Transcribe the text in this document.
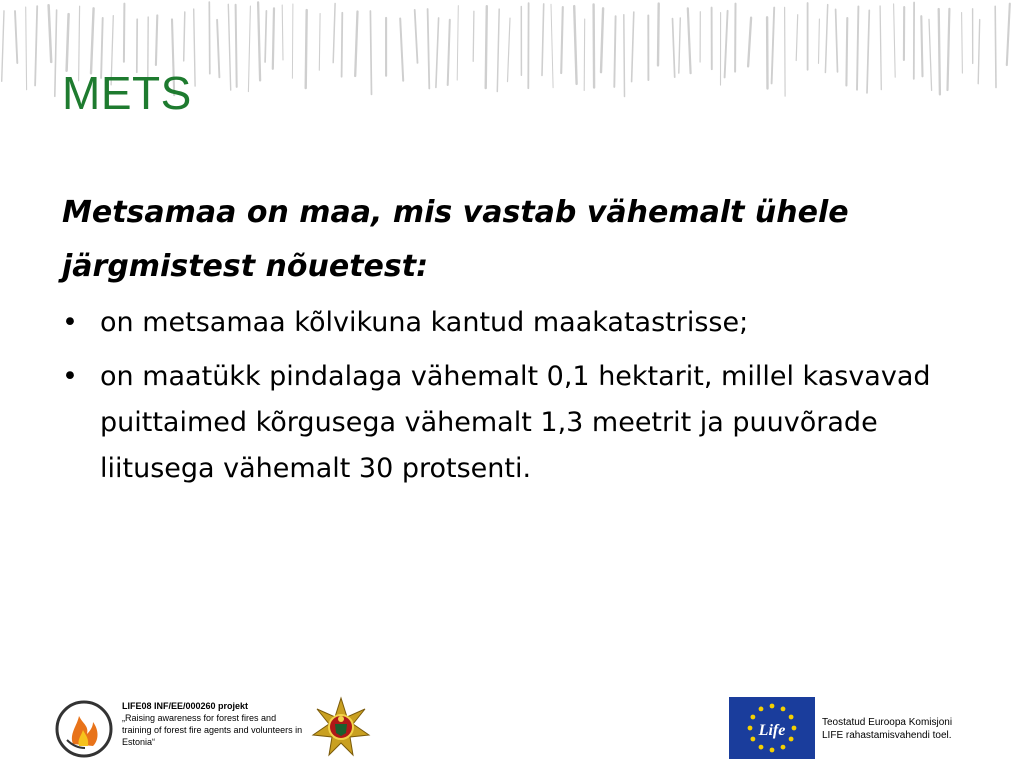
METS
Metsamaa on maa, mis vastab vähemalt ühele
järgmistest nõuetest:
• on metsamaa kõlvikuna kantud maakatastrisse;
• on maatükk pindalaga vähemalt 0,1 hektarit, millel kasvavad puittaimed kõrgusega vähemalt 1,3 meetrit ja puuvõrade liitusega vähemalt 30 protsenti.
LIFE08 INF/EE/000260 projekt
„Raising awareness for forest fires and training of forest fire agents and volunteers in Estonia“
Life	Teostatud Euroopa Komisjoni
LIFE rahastamisvahendi toel.
